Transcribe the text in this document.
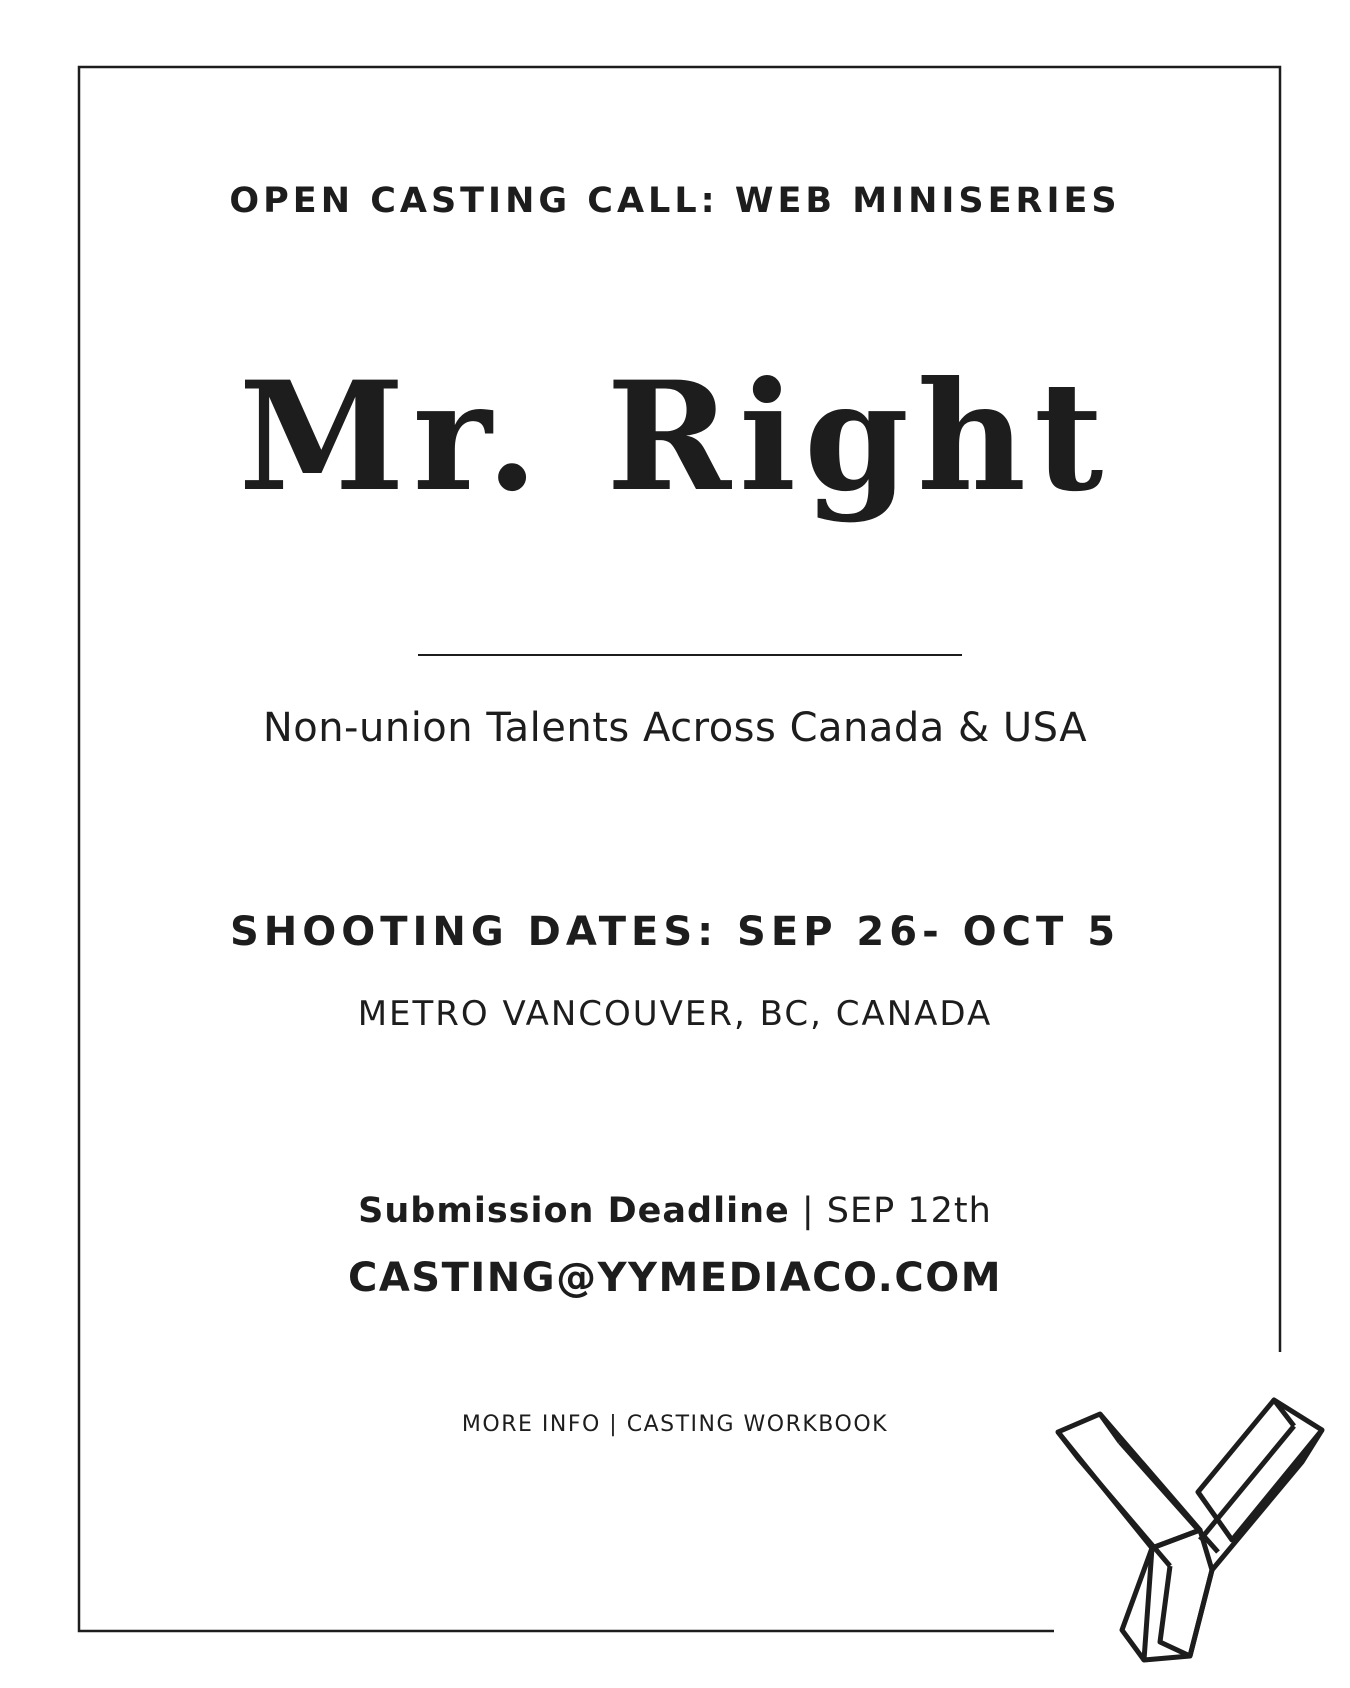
OPEN CASTING CALL: WEB MINISERIES

Mr. Right

Non-union Talents Across Canada & USA

SHOOTING DATES: SEP 26- OCT 5

METRO VANCOUVER, BC, CANADA

Submission Deadline | SEP 12th

CASTING@YYMEDIACO.COM

MORE INFO | CASTING WORKBOOK
